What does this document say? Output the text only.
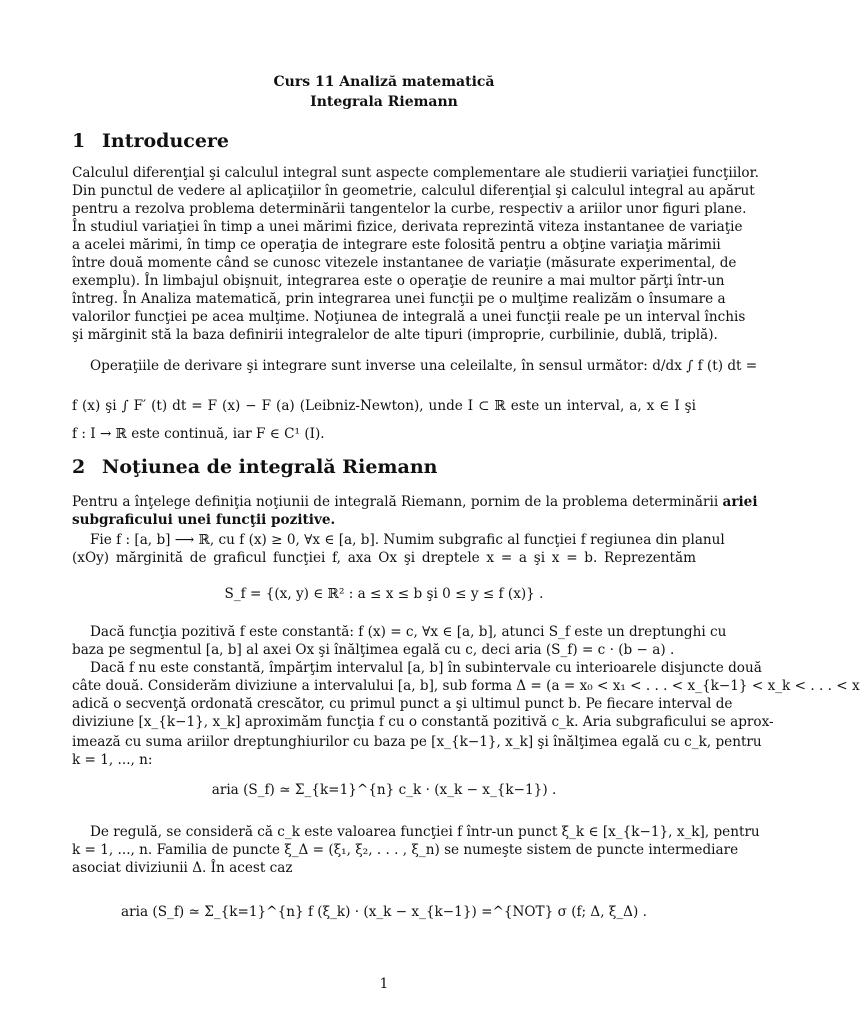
Curs 11 Analiză matematică
Integrala Riemann
1 Introducere
Calculul diferenţial şi calculul integral sunt aspecte complementare ale studierii variaţiei funcţiilor.
Din punctul de vedere al aplicaţiilor în geometrie, calculul diferenţial şi calculul integral au apărut
pentru a rezolva problema determinării tangentelor la curbe, respectiv a ariilor unor figuri plane.
În studiul variaţiei în timp a unei mărimi fizice, derivata reprezintă viteza instantanee de variaţie
a acelei mărimi, în timp ce operaţia de integrare este folosită pentru a obţine variaţia mărimii
între două momente când se cunosc vitezele instantanee de variaţie (măsurate experimental, de
exemplu). În limbajul obişnuit, integrarea este o operaţie de reunire a mai multor părţi într-un
întreg. În Analiza matematică, prin integrarea unei funcţii pe o mulţime realizăm o însumare a
valorilor funcţiei pe acea mulţime. Noţiunea de integrală a unei funcţii reale pe un interval închis
şi mărginit stă la baza definirii integralelor de alte tipuri (improprie, curbilinie, dublă, triplă).
Operaţiile de derivare şi integrare sunt inverse una celeilalte, în sensul următor: d/dx ∫ f (t) dt =
f (x) şi ∫ F′ (t) dt = F (x) − F (a) (Leibniz-Newton), unde I ⊂ ℝ este un interval, a, x ∈ I şi
f : I → ℝ este continuă, iar F ∈ C¹ (I).
2 Noţiunea de integrală Riemann
Pentru a înţelege definiţia noţiunii de integrală Riemann, pornim de la problema determinării ariei
subgraficului unei funcţii pozitive.
Fie f : [a, b] ⟶ ℝ, cu f (x) ≥ 0, ∀x ∈ [a, b]. Numim subgrafic al funcţiei f regiunea din planul
(xOy) mărginită de graficul funcţiei f, axa Ox şi dreptele x = a şi x = b. Reprezentăm
S_f = {(x, y) ∈ ℝ² : a ≤ x ≤ b şi 0 ≤ y ≤ f (x)} .
Dacă funcţia pozitivă f este constantă: f (x) = c, ∀x ∈ [a, b], atunci S_f este un dreptunghi cu
baza pe segmentul [a, b] al axei Ox şi înălţimea egală cu c, deci aria (S_f) = c · (b − a) .
Dacă f nu este constantă, împărţim intervalul [a, b] în subintervale cu interioarele disjuncte două
câte două. Considerăm diviziune a intervalului [a, b], sub forma Δ = (a = x₀ < x₁ < . . . < x_{k−1} < x_k < . . . < x
adică o secvenţă ordonată crescător, cu primul punct a şi ultimul punct b. Pe fiecare interval de
diviziune [x_{k−1}, x_k] aproximăm funcţia f cu o constantă pozitivă c_k. Aria subgraficului se aprox-
imează cu suma ariilor dreptunghiurilor cu baza pe [x_{k−1}, x_k] şi înălţimea egală cu c_k, pentru
k = 1, ..., n:
aria (S_f) ≃ Σ_{k=1}^{n} c_k · (x_k − x_{k−1}) .
De regulă, se consideră că c_k este valoarea funcţiei f într-un punct ξ_k ∈ [x_{k−1}, x_k], pentru
k = 1, ..., n. Familia de puncte ξ_Δ = (ξ₁, ξ₂, . . . , ξ_n) se numeşte sistem de puncte intermediare
asociat diviziunii Δ. În acest caz
aria (S_f) ≃ Σ_{k=1}^{n} f (ξ_k) · (x_k − x_{k−1}) =^{NOT} σ (f; Δ, ξ_Δ) .
1
